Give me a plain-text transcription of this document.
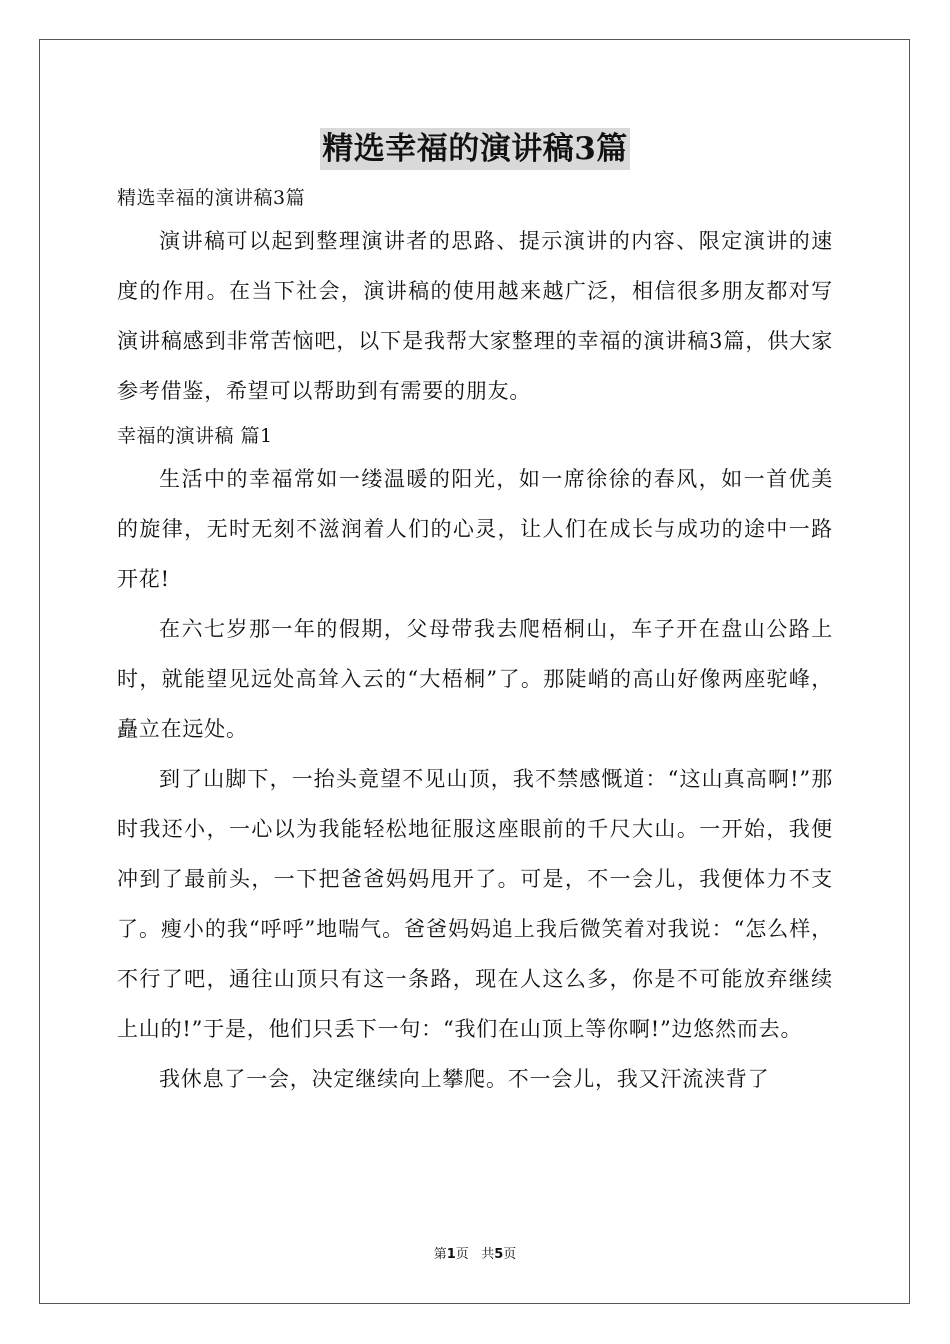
精选幸福的演讲稿3篇

精选幸福的演讲稿3篇

演讲稿可以起到整理演讲者的思路、提示演讲的内容、限定演讲的速度的作用。在当下社会，演讲稿的使用越来越广泛，相信很多朋友都对写演讲稿感到非常苦恼吧，以下是我帮大家整理的幸福的演讲稿3篇，供大家参考借鉴，希望可以帮助到有需要的朋友。

幸福的演讲稿 篇1

生活中的幸福常如一缕温暖的阳光，如一席徐徐的春风，如一首优美的旋律，无时无刻不滋润着人们的心灵，让人们在成长与成功的途中一路开花!

在六七岁那一年的假期，父母带我去爬梧桐山，车子开在盘山公路上时，就能望见远处高耸入云的“大梧桐”了。那陡峭的高山好像两座驼峰，矗立在远处。

到了山脚下，一抬头竟望不见山顶，我不禁感慨道：“这山真高啊!”那时我还小，一心以为我能轻松地征服这座眼前的千尺大山。一开始，我便冲到了最前头，一下把爸爸妈妈甩开了。可是，不一会儿，我便体力不支了。瘦小的我“呼呼”地喘气。爸爸妈妈追上我后微笑着对我说：“怎么样，不行了吧，通往山顶只有这一条路，现在人这么多，你是不可能放弃继续上山的!”于是，他们只丢下一句：“我们在山顶上等你啊!”边悠然而去。

我休息了一会，决定继续向上攀爬。不一会儿，我又汗流浃背了

第1页   共5页
